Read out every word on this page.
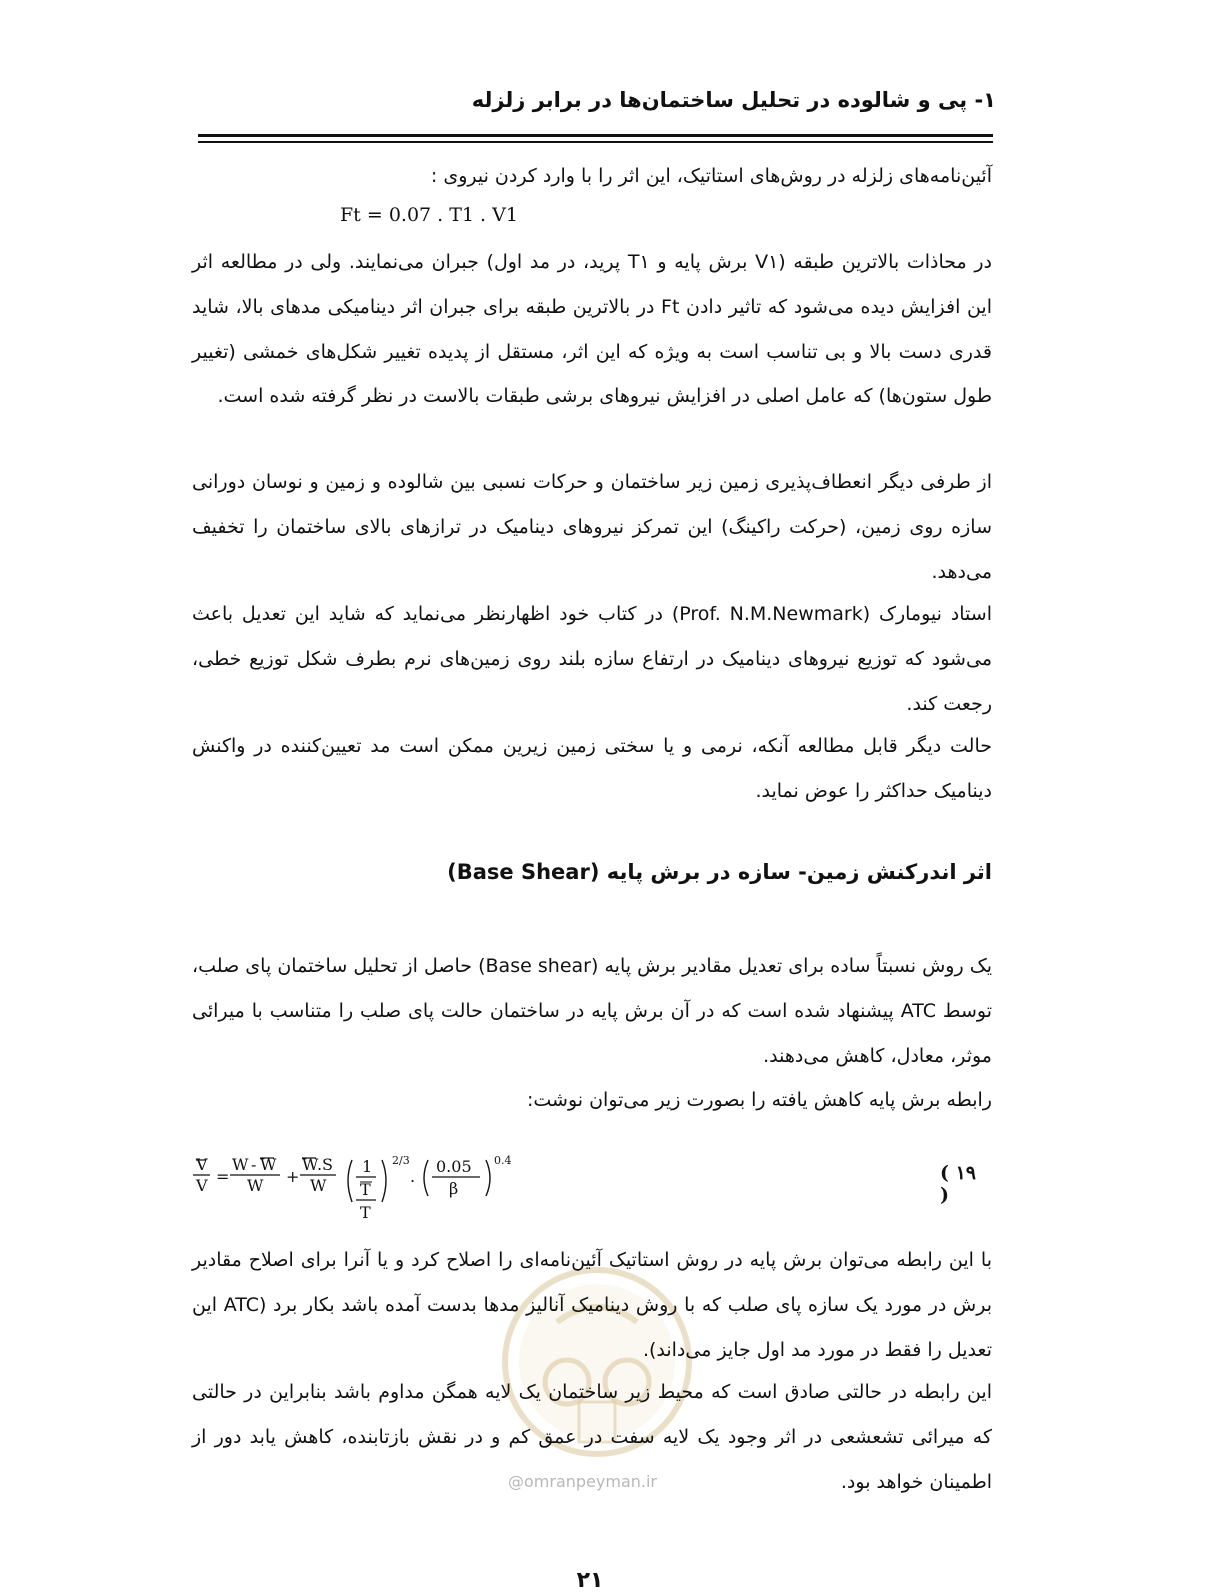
۱- پی و شالوده در تحلیل ساختمان‌ها در برابر زلزله
آئین‌نامه‌های زلزله در روش‌های استاتیک، این اثر را با وارد کردن نیروی :
Ft = 0.07 . T1 . V1
در محاذات بالاترین طبقه (V۱ برش پایه و T۱ پرید، در مد اول) جبران می‌نمایند. ولی در مطالعه اثر این افزایش دیده می‌شود که تاثیر دادن Ft در بالاترین طبقه برای جبران اثر دینامیکی مدهای بالا، شاید قدری دست بالا و بی تناسب است به ویژه که این اثر، مستقل از پدیده تغییر شکل‌های خمشی (تغییر طول ستون‌ها) که عامل اصلی در افزایش نیروهای برشی طبقات بالاست در نظر گرفته شده است.
از طرفی دیگر انعطاف‌پذیری زمین زیر ساختمان و حرکات نسبی بین شالوده و زمین و نوسان دورانی سازه روی زمین، (حرکت راکینگ) این تمرکز نیروهای دینامیک در ترازهای بالای ساختمان را تخفیف می‌دهد.
استاد نیومارک (Prof. N.M.Newmark) در کتاب خود اظهارنظر می‌نماید که شاید این تعدیل باعث می‌شود که توزیع نیروهای دینامیک در ارتفاع سازه بلند روی زمین‌های نرم بطرف شکل توزیع خطی، رجعت کند.
حالت دیگر قابل مطالعه آنکه، نرمی و یا سختی زمین زیرین ممکن است مد تعیین‌کننده در واکنش دینامیک حداکثر را عوض نماید.
اثر اندرکنش زمین- سازه در برش پایه (Base Shear)
یک روش نسبتاً ساده برای تعدیل مقادیر برش پایه (Base shear) حاصل از تحلیل ساختمان پای صلب، توسط ATC پیشنهاد شده است که در آن برش پایه در ساختمان حالت پای صلب را متناسب با میرائی موثر، معادل، کاهش می‌دهند.
رابطه برش پایه کاهش یافته را بصورت زیر می‌توان نوشت:
V
V =
W - W
W +
W
. S
W
1
T
T
2/3
.
0.05
β
0.4
( ۱۹ )
@omranpeyman.ir
با این رابطه می‌توان برش پایه در روش استاتیک آئین‌نامه‌ای را اصلاح کرد و یا آنرا برای اصلاح مقادیر برش در مورد یک سازه پای صلب که با روش دینامیک آنالیز مدها بدست آمده باشد بکار برد (ATC این تعدیل را فقط در مورد مد اول جایز می‌داند).
این رابطه در حالتی صادق است که محیط زیر ساختمان یک لایه همگن مداوم باشد بنابراین در حالتی که میرائی تشعشعی در اثر وجود یک لایه سفت در عمق کم و در نقش بازتابنده، کاهش یابد دور از اطمینان خواهد بود.
۲۱
